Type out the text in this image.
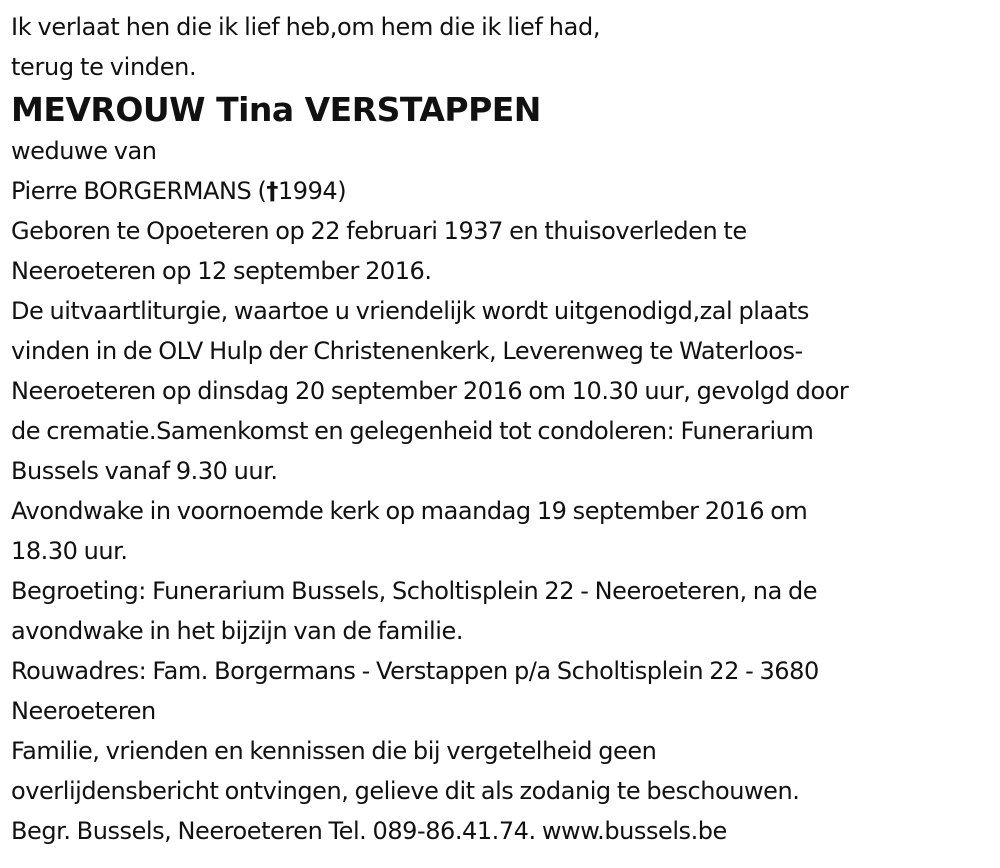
Ik verlaat hen die ik lief heb,om hem die ik lief had,
terug te vinden.
MEVROUW Tina VERSTAPPEN
weduwe van
Pierre BORGERMANS (†1994)
Geboren te Opoeteren op 22 februari 1937 en thuisoverleden te
Neeroeteren op 12 september 2016.
De uitvaartliturgie, waartoe u vriendelijk wordt uitgenodigd,zal plaats
vinden in de OLV Hulp der Christenenkerk, Leverenweg te Waterloos-
Neeroeteren op dinsdag 20 september 2016 om 10.30 uur, gevolgd door
de crematie.Samenkomst en gelegenheid tot condoleren: Funerarium
Bussels vanaf 9.30 uur.
Avondwake in voornoemde kerk op maandag 19 september 2016 om
18.30 uur.
Begroeting: Funerarium Bussels, Scholtisplein 22 - Neeroeteren, na de
avondwake in het bijzijn van de familie.
Rouwadres: Fam. Borgermans - Verstappen p/a Scholtisplein 22 - 3680
Neeroeteren
Familie, vrienden en kennissen die bij vergetelheid geen
overlijdensbericht ontvingen, gelieve dit als zodanig te beschouwen.
Begr. Bussels, Neeroeteren Tel. 089-86.41.74. www.bussels.be
